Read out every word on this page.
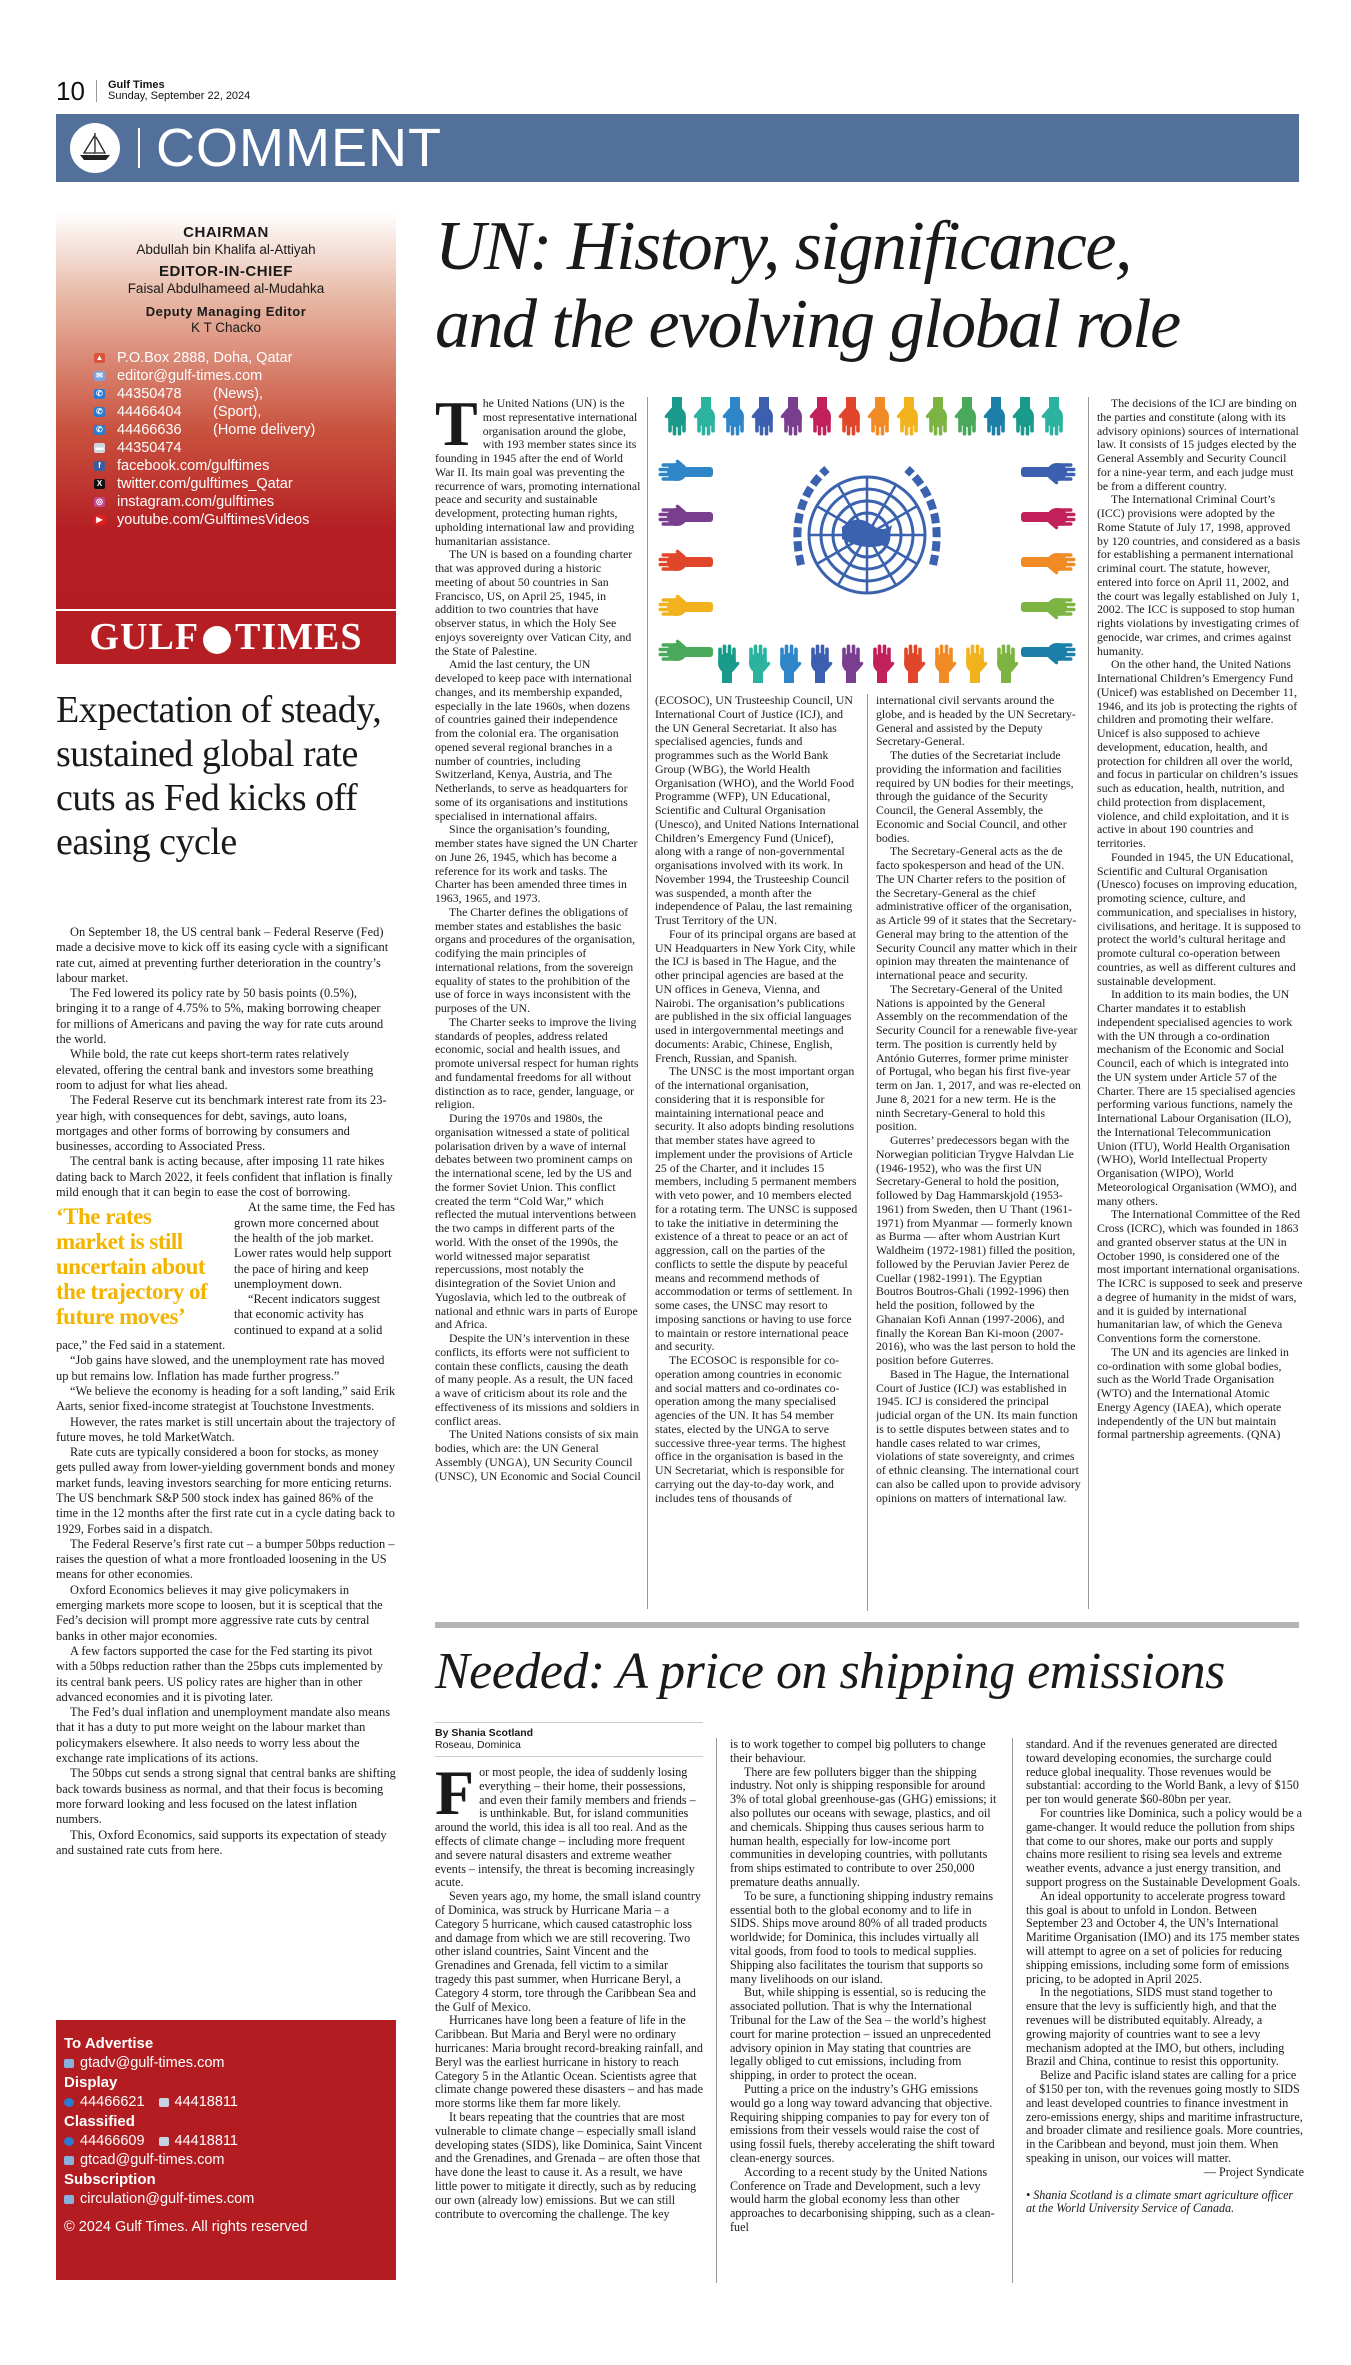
10 Gulf Times
Sunday, September 22, 2024
COMMENT
CHAIRMAN
Abdullah bin Khalifa al-Attiyah
EDITOR-IN-CHIEF
Faisal Abdulhameed al-Mudahka
Deputy Managing Editor
K T Chacko
▲ P.O.Box 2888, Doha, Qatar
✉ editor@gulf-times.com
✆ 44350478	(News),
✆ 44466404	(Sport),
✆ 44466636	(Home delivery)
▬ 44350474
f facebook.com/gulftimes
X twitter.com/gulftimes_Qatar
◎ instagram.com/gulftimes
▶ youtube.com/GulftimesVideos
GULF TIMES
Expectation of steady, sustained global rate cuts as Fed kicks off easing cycle

On September 18, the US central bank – Federal Reserve (Fed) made a decisive move to kick off its easing cycle with a significant rate cut, aimed at preventing further deterioration in the country’s labour market.

The Fed lowered its policy rate by 50 basis points (0.5%), bringing it to a range of 4.75% to 5%, making borrowing cheaper for millions of Americans and paving the way for rate cuts around the world.

While bold, the rate cut keeps short-term rates relatively elevated, offering the central bank and investors some breathing room to adjust for what lies ahead.

The Federal Reserve cut its benchmark interest rate from its 23-year high, with consequences for debt, savings, auto loans, mortgages and other forms of borrowing by consumers and businesses, according to Associated Press.

The central bank is acting because, after imposing 11 rate hikes dating back to March 2022, it feels confident that inflation is finally mild enough that it can begin to ease the cost of borrowing.

‘The rates market is still uncertain about the trajectory of future moves’

At the same time, the Fed has grown more concerned about the health of the job market. Lower rates would help support the pace of hiring and keep unemployment down.

“Recent indicators suggest that economic activity has continued to expand at a solid pace,” the Fed said in a statement.

“Job gains have slowed, and the unemployment rate has moved up but remains low. Inflation has made further progress.”

“We believe the economy is heading for a soft landing,” said Erik Aarts, senior fixed-income strategist at Touchstone Investments.

However, the rates market is still uncertain about the trajectory of future moves, he told MarketWatch.

Rate cuts are typically considered a boon for stocks, as money gets pulled away from lower-yielding government bonds and money market funds, leaving investors searching for more enticing returns. The US benchmark S&P 500 stock index has gained 86% of the time in the 12 months after the first rate cut in a cycle dating back to 1929, Forbes said in a dispatch.

The Federal Reserve’s first rate cut – a bumper 50bps reduction – raises the question of what a more frontloaded loosening in the US means for other economies.

Oxford Economics believes it may give policymakers in emerging markets more scope to loosen, but it is sceptical that the Fed’s decision will prompt more aggressive rate cuts by central banks in other major economies.

A few factors supported the case for the Fed starting its pivot with a 50bps reduction rather than the 25bps cuts implemented by its central bank peers. US policy rates are higher than in other advanced economies and it is pivoting later.

The Fed’s dual inflation and unemployment mandate also means that it has a duty to put more weight on the labour market than policymakers elsewhere. It also needs to worry less about the exchange rate implications of its actions.

The 50bps cut sends a strong signal that central banks are shifting back towards business as normal, and that their focus is becoming more forward looking and less focused on the latest inflation numbers.

This, Oxford Economics, said supports its expectation of steady and sustained rate cuts from here.

To Advertise
gtadv@gulf-times.com
Display
44466621 44418811
Classified
44466609 44418811
gtcad@gulf-times.com
Subscription
circulation@gulf-times.com
© 2024 Gulf Times. All rights reserved
UN: History, significance,
and the evolving global role
T he United Nations (UN) is the most representative international organisation around the globe, with 193 member states since its founding in 1945 after the end of World War II. Its main goal was preventing the recurrence of wars, promoting international peace and security and sustainable development, protecting human rights, upholding international law and providing humanitarian assistance.

The UN is based on a founding charter that was approved during a historic meeting of about 50 countries in San Francisco, US, on April 25, 1945, in addition to two countries that have observer status, in which the Holy See enjoys sovereignty over Vatican City, and the State of Palestine.

Amid the last century, the UN developed to keep pace with international changes, and its membership expanded, especially in the late 1960s, when dozens of countries gained their independence from the colonial era. The organisation opened several regional branches in a number of countries, including Switzerland, Kenya, Austria, and The Netherlands, to serve as headquarters for some of its organisations and institutions specialised in international affairs.

Since the organisation’s founding, member states have signed the UN Charter on June 26, 1945, which has become a reference for its work and tasks. The Charter has been amended three times in 1963, 1965, and 1973.

The Charter defines the obligations of member states and establishes the basic organs and procedures of the organisation, codifying the main principles of international relations, from the sovereign equality of states to the prohibition of the use of force in ways inconsistent with the purposes of the UN.

The Charter seeks to improve the living standards of peoples, address related economic, social and health issues, and promote universal respect for human rights and fundamental freedoms for all without distinction as to race, gender, language, or religion.

During the 1970s and 1980s, the organisation witnessed a state of political polarisation driven by a wave of internal debates between two prominent camps on the international scene, led by the US and the former Soviet Union. This conflict created the term “Cold War,” which reflected the mutual interventions between the two camps in different parts of the world. With the onset of the 1990s, the world witnessed major separatist repercussions, most notably the disintegration of the Soviet Union and Yugoslavia, which led to the outbreak of national and ethnic wars in parts of Europe and Africa.

Despite the UN’s intervention in these conflicts, its efforts were not sufficient to contain these conflicts, causing the death of many people. As a result, the UN faced a wave of criticism about its role and the effectiveness of its missions and soldiers in conflict areas.

The United Nations consists of six main bodies, which are: the UN General Assembly (UNGA), UN Security Council (UNSC), UN Economic and Social Council

(ECOSOC), UN Trusteeship Council, UN International Court of Justice (ICJ), and the UN General Secretariat. It also has specialised agencies, funds and programmes such as the World Bank Group (WBG), the World Health Organisation (WHO), and the World Food Programme (WFP), UN Educational, Scientific and Cultural Organisation (Unesco), and United Nations International Children’s Emergency Fund (Unicef), along with a range of non-governmental organisations involved with its work. In November 1994, the Trusteeship Council was suspended, a month after the independence of Palau, the last remaining Trust Territory of the UN.

Four of its principal organs are based at UN Headquarters in New York City, while the ICJ is based in The Hague, and the other principal agencies are based at the UN offices in Geneva, Vienna, and Nairobi. The organisation’s publications are published in the six official languages used in intergovernmental meetings and documents: Arabic, Chinese, English, French, Russian, and Spanish.

The UNSC is the most important organ of the international organisation, considering that it is responsible for maintaining international peace and security. It also adopts binding resolutions that member states have agreed to implement under the provisions of Article 25 of the Charter, and it includes 15 members, including 5 permanent members with veto power, and 10 members elected for a rotating term. The UNSC is supposed to take the initiative in determining the existence of a threat to peace or an act of aggression, call on the parties of the conflicts to settle the dispute by peaceful means and recommend methods of accommodation or terms of settlement. In some cases, the UNSC may resort to imposing sanctions or having to use force to maintain or restore international peace and security.

The ECOSOC is responsible for co-operation among countries in economic and social matters and co-ordinates co-operation among the many specialised agencies of the UN. It has 54 member states, elected by the UNGA to serve successive three-year terms. The highest office in the organisation is based in the UN Secretariat, which is responsible for carrying out the day-to-day work, and includes tens of thousands of

international civil servants around the globe, and is headed by the UN Secretary-General and assisted by the Deputy Secretary-General.

The duties of the Secretariat include providing the information and facilities required by UN bodies for their meetings, through the guidance of the Security Council, the General Assembly, the Economic and Social Council, and other bodies.

The Secretary-General acts as the de facto spokesperson and head of the UN. The UN Charter refers to the position of the Secretary-General as the chief administrative officer of the organisation, as Article 99 of it states that the Secretary-General may bring to the attention of the Security Council any matter which in their opinion may threaten the maintenance of international peace and security.

The Secretary-General of the United Nations is appointed by the General Assembly on the recommendation of the Security Council for a renewable five-year term. The position is currently held by António Guterres, former prime minister of Portugal, who began his first five-year term on Jan. 1, 2017, and was re-elected on June 8, 2021 for a new term. He is the ninth Secretary-General to hold this position.

Guterres’ predecessors began with the Norwegian politician Trygve Halvdan Lie (1946-1952), who was the first UN Secretary-General to hold the position, followed by Dag Hammarskjold (1953-1961) from Sweden, then U Thant (1961-1971) from Myanmar — formerly known as Burma — after whom Austrian Kurt Waldheim (1972-1981) filled the position, followed by the Peruvian Javier Perez de Cuellar (1982-1991). The Egyptian Boutros Boutros-Ghali (1992-1996) then held the position, followed by the Ghanaian Kofi Annan (1997-2006), and finally the Korean Ban Ki-moon (2007-2016), who was the last person to hold the position before Guterres.

Based in The Hague, the International Court of Justice (ICJ) was established in 1945. ICJ is considered the principal judicial organ of the UN. Its main function is to settle disputes between states and to handle cases related to war crimes, violations of state sovereignty, and crimes of ethnic cleansing. The international court can also be called upon to provide advisory opinions on matters of international law.

The decisions of the ICJ are binding on the parties and constitute (along with its advisory opinions) sources of international law. It consists of 15 judges elected by the General Assembly and Security Council for a nine-year term, and each judge must be from a different country.

The International Criminal Court’s (ICC) provisions were adopted by the Rome Statute of July 17, 1998, approved by 120 countries, and considered as a basis for establishing a permanent international criminal court. The statute, however, entered into force on April 11, 2002, and the court was legally established on July 1, 2002. The ICC is supposed to stop human rights violations by investigating crimes of genocide, war crimes, and crimes against humanity.

On the other hand, the United Nations International Children’s Emergency Fund (Unicef) was established on December 11, 1946, and its job is protecting the rights of children and promoting their welfare. Unicef is also supposed to achieve development, education, health, and protection for children all over the world, and focus in particular on children’s issues such as education, health, nutrition, and child protection from displacement, violence, and child exploitation, and it is active in about 190 countries and territories.

Founded in 1945, the UN Educational, Scientific and Cultural Organisation (Unesco) focuses on improving education, promoting science, culture, and communication, and specialises in history, civilisations, and heritage. It is supposed to protect the world’s cultural heritage and promote cultural co-operation between countries, as well as different cultures and sustainable development.

In addition to its main bodies, the UN Charter mandates it to establish independent specialised agencies to work with the UN through a co-ordination mechanism of the Economic and Social Council, each of which is integrated into the UN system under Article 57 of the Charter. There are 15 specialised agencies performing various functions, namely the International Labour Organisation (ILO), the International Telecommunication Union (ITU), World Health Organisation (WHO), World Intellectual Property Organisation (WIPO), World Meteorological Organisation (WMO), and many others.

The International Committee of the Red Cross (ICRC), which was founded in 1863 and granted observer status at the UN in October 1990, is considered one of the most important international organisations. The ICRC is supposed to seek and preserve a degree of humanity in the midst of wars, and it is guided by international humanitarian law, of which the Geneva Conventions form the cornerstone.

The UN and its agencies are linked in co-ordination with some global bodies, such as the World Trade Organisation (WTO) and the International Atomic Energy Agency (IAEA), which operate independently of the UN but maintain formal partnership agreements. (QNA)

Needed: A price on shipping emissions
By Shania Scotland
Roseau, Dominica
F or most people, the idea of suddenly losing everything – their home, their possessions, and even their family members and friends – is unthinkable. But, for island communities around the world, this idea is all too real. And as the effects of climate change – including more frequent and severe natural disasters and extreme weather events – intensify, the threat is becoming increasingly acute.

Seven years ago, my home, the small island country of Dominica, was struck by Hurricane Maria – a Category 5 hurricane, which caused catastrophic loss and damage from which we are still recovering. Two other island countries, Saint Vincent and the Grenadines and Grenada, fell victim to a similar tragedy this past summer, when Hurricane Beryl, a Category 4 storm, tore through the Caribbean Sea and the Gulf of Mexico.

Hurricanes have long been a feature of life in the Caribbean. But Maria and Beryl were no ordinary hurricanes: Maria brought record-breaking rainfall, and Beryl was the earliest hurricane in history to reach Category 5 in the Atlantic Ocean. Scientists agree that climate change powered these disasters – and has made more storms like them far more likely.

It bears repeating that the countries that are most vulnerable to climate change – especially small island developing states (SIDS), like Dominica, Saint Vincent and the Grenadines, and Grenada – are often those that have done the least to cause it. As a result, we have little power to mitigate it directly, such as by reducing our own (already low) emissions. But we can still contribute to overcoming the challenge. The key

is to work together to compel big polluters to change their behaviour.

There are few polluters bigger than the shipping industry. Not only is shipping responsible for around 3% of total global greenhouse-gas (GHG) emissions; it also pollutes our oceans with sewage, plastics, and oil and chemicals. Shipping thus causes serious harm to human health, especially for low-income port communities in developing countries, with pollutants from ships estimated to contribute to over 250,000 premature deaths annually.

To be sure, a functioning shipping industry remains essential both to the global economy and to life in SIDS. Ships move around 80% of all traded products worldwide; for Dominica, this includes virtually all vital goods, from food to tools to medical supplies. Shipping also facilitates the tourism that supports so many livelihoods on our island.

But, while shipping is essential, so is reducing the associated pollution. That is why the International Tribunal for the Law of the Sea – the world’s highest court for marine protection – issued an unprecedented advisory opinion in May stating that countries are legally obliged to cut emissions, including from shipping, in order to protect the ocean.

Putting a price on the industry’s GHG emissions would go a long way toward advancing that objective. Requiring shipping companies to pay for every ton of emissions from their vessels would raise the cost of using fossil fuels, thereby accelerating the shift toward clean-energy sources.

According to a recent study by the United Nations Conference on Trade and Development, such a levy would harm the global economy less than other approaches to decarbonising shipping, such as a clean-fuel

standard. And if the revenues generated are directed toward developing economies, the surcharge could reduce global inequality. Those revenues would be substantial: according to the World Bank, a levy of $150 per ton would generate $60-80bn per year.

For countries like Dominica, such a policy would be a game-changer. It would reduce the pollution from ships that come to our shores, make our ports and supply chains more resilient to rising sea levels and extreme weather events, advance a just energy transition, and support progress on the Sustainable Development Goals.

An ideal opportunity to accelerate progress toward this goal is about to unfold in London. Between September 23 and October 4, the UN’s International Maritime Organisation (IMO) and its 175 member states will attempt to agree on a set of policies for reducing shipping emissions, including some form of emissions pricing, to be adopted in April 2025.

In the negotiations, SIDS must stand together to ensure that the levy is sufficiently high, and that the revenues will be distributed equitably. Already, a growing majority of countries want to see a levy mechanism adopted at the IMO, but others, including Brazil and China, continue to resist this opportunity.

Belize and Pacific island states are calling for a price of $150 per ton, with the revenues going mostly to SIDS and least developed countries to finance investment in zero-emissions energy, ships and maritime infrastructure, and broader climate and resilience goals. More countries, in the Caribbean and beyond, must join them. When speaking in unison, our voices will matter.

— Project Syndicate

• Shania Scotland is a climate smart agriculture officer at the World University Service of Canada.
